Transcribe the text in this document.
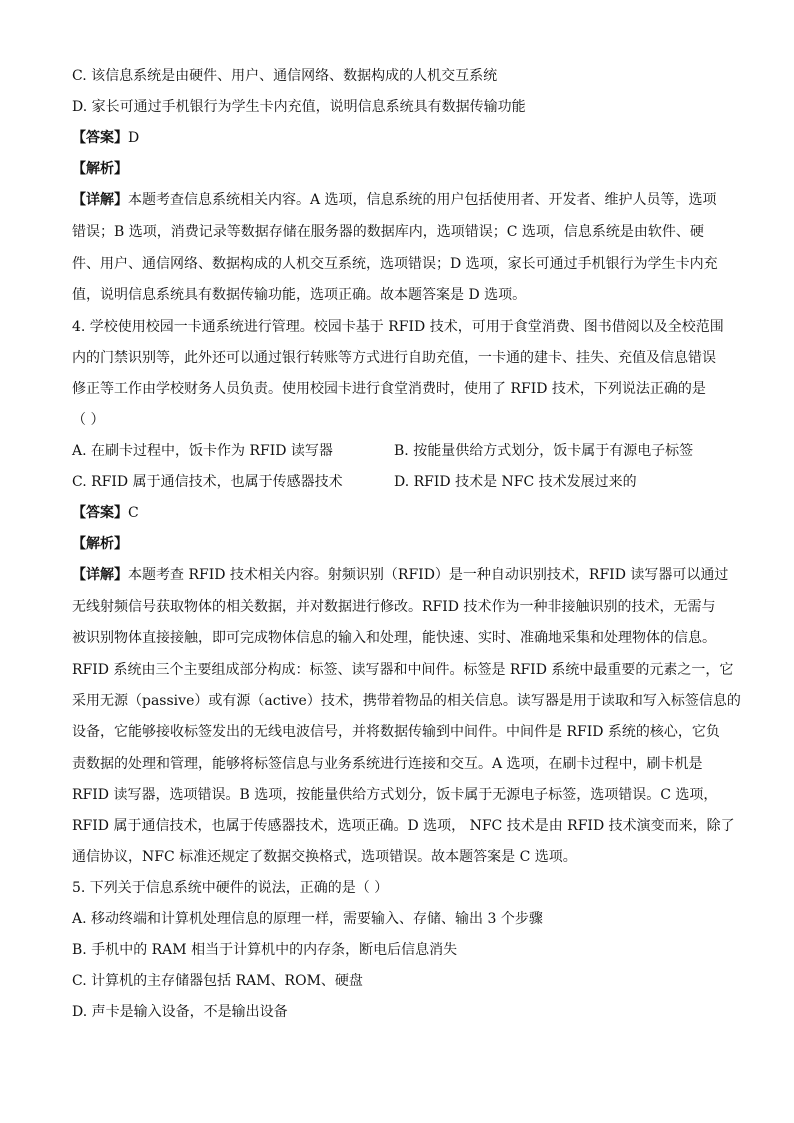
C. 该信息系统是由硬件、用户、通信网络、数据构成的人机交互系统
D. 家长可通过手机银行为学生卡内充值，说明信息系统具有数据传输功能
【答案】D
【解析】
【详解】本题考查信息系统相关内容。A 选项，信息系统的用户包括使用者、开发者、维护人员等，选项
错误；B 选项，消费记录等数据存储在服务器的数据库内，选项错误；C 选项，信息系统是由软件、硬
件、用户、通信网络、数据构成的人机交互系统，选项错误；D 选项，家长可通过手机银行为学生卡内充
值，说明信息系统具有数据传输功能，选项正确。故本题答案是 D 选项。
4. 学校使用校园一卡通系统进行管理。校园卡基于 RFID 技术，可用于食堂消费、图书借阅以及全校范围
内的门禁识别等，此外还可以通过银行转账等方式进行自助充值，一卡通的建卡、挂失、充值及信息错误
修正等工作由学校财务人员负责。使用校园卡进行食堂消费时，使用了 RFID 技术，下列说法正确的是
（ ）
A. 在刷卡过程中，饭卡作为 RFID 读写器	B. 按能量供给方式划分，饭卡属于有源电子标签
C. RFID 属于通信技术，也属于传感器技术	D. RFID 技术是 NFC 技术发展过来的
【答案】C
【解析】
【详解】本题考查 RFID 技术相关内容。射频识别（RFID）是一种自动识别技术，RFID 读写器可以通过
无线射频信号获取物体的相关数据，并对数据进行修改。RFID 技术作为一种非接触识别的技术，无需与
被识别物体直接接触，即可完成物体信息的输入和处理，能快速、实时、准确地采集和处理物体的信息。
RFID 系统由三个主要组成部分构成：标签、读写器和中间件。标签是 RFID 系统中最重要的元素之一，它
采用无源（passive）或有源（active）技术，携带着物品的相关信息。读写器是用于读取和写入标签信息的
设备，它能够接收标签发出的无线电波信号，并将数据传输到中间件。中间件是 RFID 系统的核心，它负
责数据的处理和管理，能够将标签信息与业务系统进行连接和交互。A 选项，在刷卡过程中，刷卡机是
RFID 读写器，选项错误。B 选项，按能量供给方式划分，饭卡属于无源电子标签，选项错误。C 选项，
RFID 属于通信技术，也属于传感器技术，选项正确。D 选项， NFC 技术是由 RFID 技术演变而来，除了
通信协议，NFC 标准还规定了数据交换格式，选项错误。故本题答案是 C 选项。
5. 下列关于信息系统中硬件的说法，正确的是（ ）
A. 移动终端和计算机处理信息的原理一样，需要输入、存储、输出 3 个步骤
B. 手机中的 RAM 相当于计算机中的内存条，断电后信息消失
C. 计算机的主存储器包括 RAM、ROM、硬盘
D. 声卡是输入设备，不是输出设备
